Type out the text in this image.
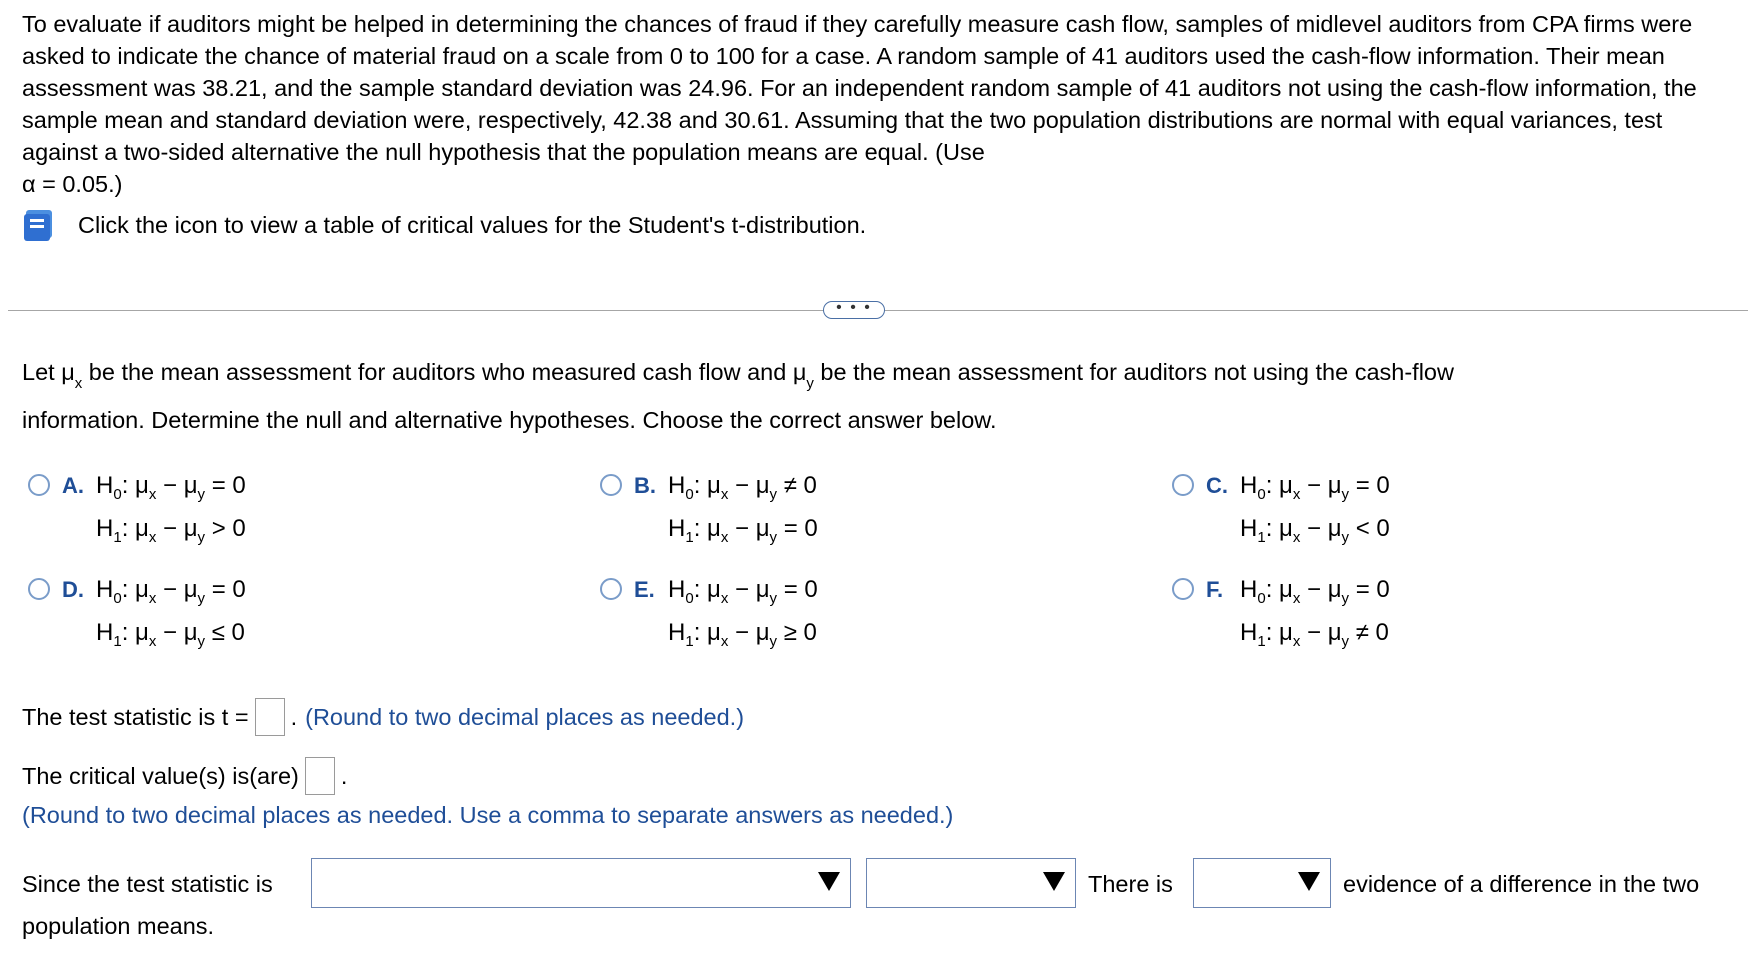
To evaluate if auditors might be helped in determining the chances of fraud if they carefully measure cash flow, samples of midlevel auditors from CPA firms were asked to indicate the chance of material fraud on a scale from 0 to 100 for a case. A random sample of 41 auditors used the cash-flow information. Their mean assessment was 38.21, and the sample standard deviation was 24.96. For an independent random sample of 41 auditors not using the cash-flow information, the sample mean and standard deviation were, respectively, 42.38 and 30.61. Assuming that the two population distributions are normal with equal variances, test against a two-sided alternative the null hypothesis that the population means are equal. (Use
α = 0.05.)
Click the icon to view a table of critical values for the Student's t-distribution.
• • •
Let $\mu_x$ be the mean assessment for auditors who measured cash flow and $\mu_y$ be the mean assessment for auditors not using the cash-flow
information. Determine the null and alternative hypotheses. Choose the correct answer below.
A. $H_0$: $\mu_x - \mu_y = 0$
$H_1$: $\mu_x - \mu_y > 0$
B. $H_0$: $\mu_x - \mu_y \ne 0$
$H_1$: $\mu_x - \mu_y = 0$
C. $H_0$: $\mu_x - \mu_y = 0$
$H_1$: $\mu_x - \mu_y < 0$
D. $H_0$: $\mu_x - \mu_y = 0$
$H_1$: $\mu_x - \mu_y \le 0$
E. $H_0$: $\mu_x - \mu_y = 0$
$H_1$: $\mu_x - \mu_y \ge 0$
F. $H_0$: $\mu_x - \mu_y = 0$
$H_1$: $\mu_x - \mu_y \ne 0$
The test statistic is t = . (Round to two decimal places as needed.)
The critical value(s) is(are) .
(Round to two decimal places as needed. Use a comma to separate answers as needed.)
Since the test statistic is	There is	evidence of a difference in the two
population means.
